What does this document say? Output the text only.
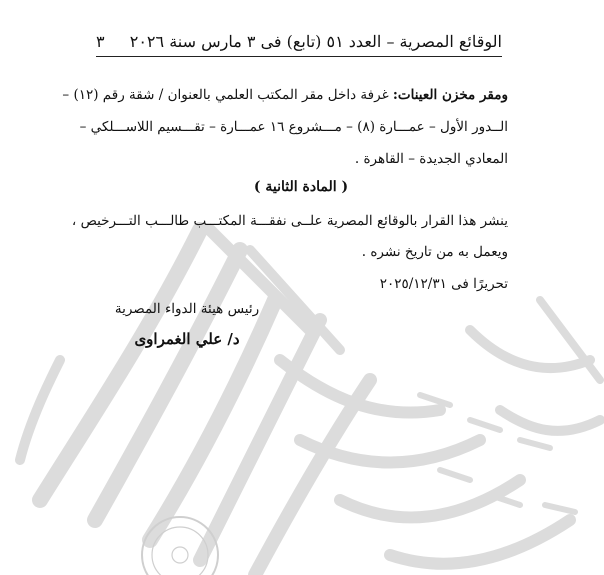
الوقائع المصرية – العدد ٥١ (تابع) فى ٣ مارس سنة ٢٠٢٦
٣
ومقر مخزن العينات: غرفة داخل مقر المكتب العلمي بالعنوان / شقة رقم (١٢) –
الــدور الأول – عمـــارة (٨) – مـــشروع ١٦ عمـــارة – تقـــسيم اللاســـلكي –
المعادي الجديدة – القاهرة .
( المادة الثانية )
ينشر هذا القرار بالوقائع المصرية علــى نفقـــة المكتـــب طالـــب التـــرخيص ،
ويعمل به من تاريخ نشره .
تحريرًا فى ٢٠٢٥/١٢/٣١
رئيس هيئة الدواء المصرية
د/ علي الغمراوى
